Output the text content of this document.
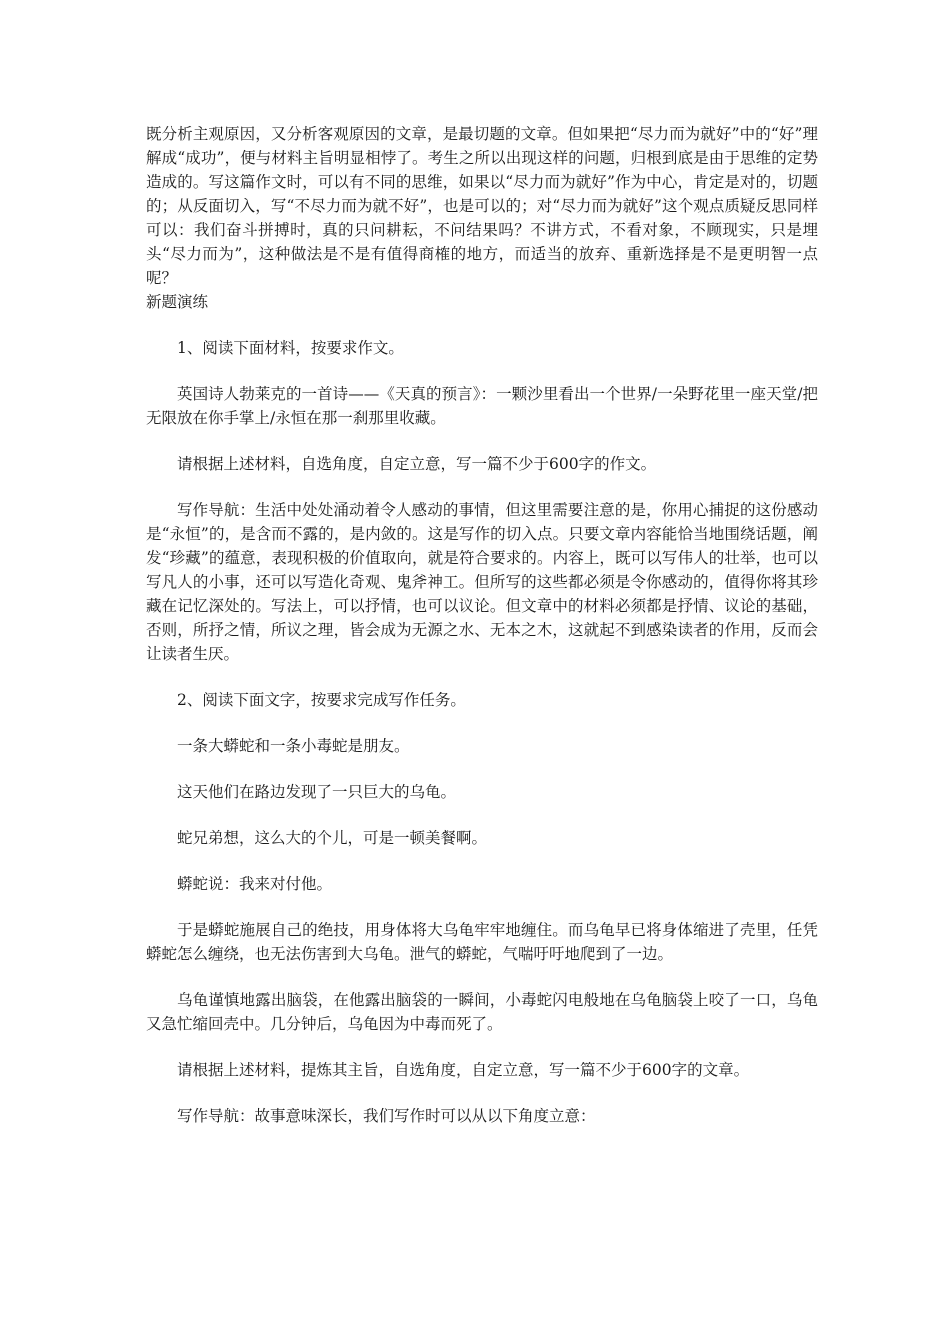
既分析主观原因，又分析客观原因的文章，是最切题的文章。但如果把“尽力而为就好”中的“好”理解成“成功”，便与材料主旨明显相悖了。考生之所以出现这样的问题，归根到底是由于思维的定势造成的。写这篇作文时，可以有不同的思维，如果以“尽力而为就好”作为中心，肯定是对的，切题的；从反面切入，写“不尽力而为就不好”，也是可以的；对“尽力而为就好”这个观点质疑反思同样可以：我们奋斗拼搏时，真的只问耕耘，不问结果吗？不讲方式，不看对象，不顾现实，只是埋头“尽力而为”，这种做法是不是有值得商榷的地方，而适当的放弃、重新选择是不是更明智一点呢？

新题演练

1、阅读下面材料，按要求作文。

英国诗人勃莱克的一首诗——《天真的预言》：一颗沙里看出一个世界/一朵野花里一座天堂/把无限放在你手掌上/永恒在那一刹那里收藏。

请根据上述材料，自选角度，自定立意，写一篇不少于600字的作文。

写作导航：生活中处处涌动着令人感动的事情，但这里需要注意的是，你用心捕捉的这份感动是“永恒”的，是含而不露的，是内敛的。这是写作的切入点。只要文章内容能恰当地围绕话题，阐发“珍藏”的蕴意，表现积极的价值取向，就是符合要求的。内容上，既可以写伟人的壮举，也可以写凡人的小事，还可以写造化奇观、鬼斧神工。但所写的这些都必须是令你感动的，值得你将其珍藏在记忆深处的。写法上，可以抒情，也可以议论。但文章中的材料必须都是抒情、议论的基础，否则，所抒之情，所议之理，皆会成为无源之水、无本之木，这就起不到感染读者的作用，反而会让读者生厌。

2、阅读下面文字，按要求完成写作任务。

一条大蟒蛇和一条小毒蛇是朋友。

这天他们在路边发现了一只巨大的乌龟。

蛇兄弟想，这么大的个儿，可是一顿美餐啊。

蟒蛇说：我来对付他。

于是蟒蛇施展自己的绝技，用身体将大乌龟牢牢地缠住。而乌龟早已将身体缩进了壳里，任凭蟒蛇怎么缠绕，也无法伤害到大乌龟。泄气的蟒蛇，气喘吁吁地爬到了一边。

乌龟谨慎地露出脑袋，在他露出脑袋的一瞬间，小毒蛇闪电般地在乌龟脑袋上咬了一口，乌龟又急忙缩回壳中。几分钟后，乌龟因为中毒而死了。

请根据上述材料，提炼其主旨，自选角度，自定立意，写一篇不少于600字的文章。

写作导航：故事意味深长，我们写作时可以从以下角度立意：
